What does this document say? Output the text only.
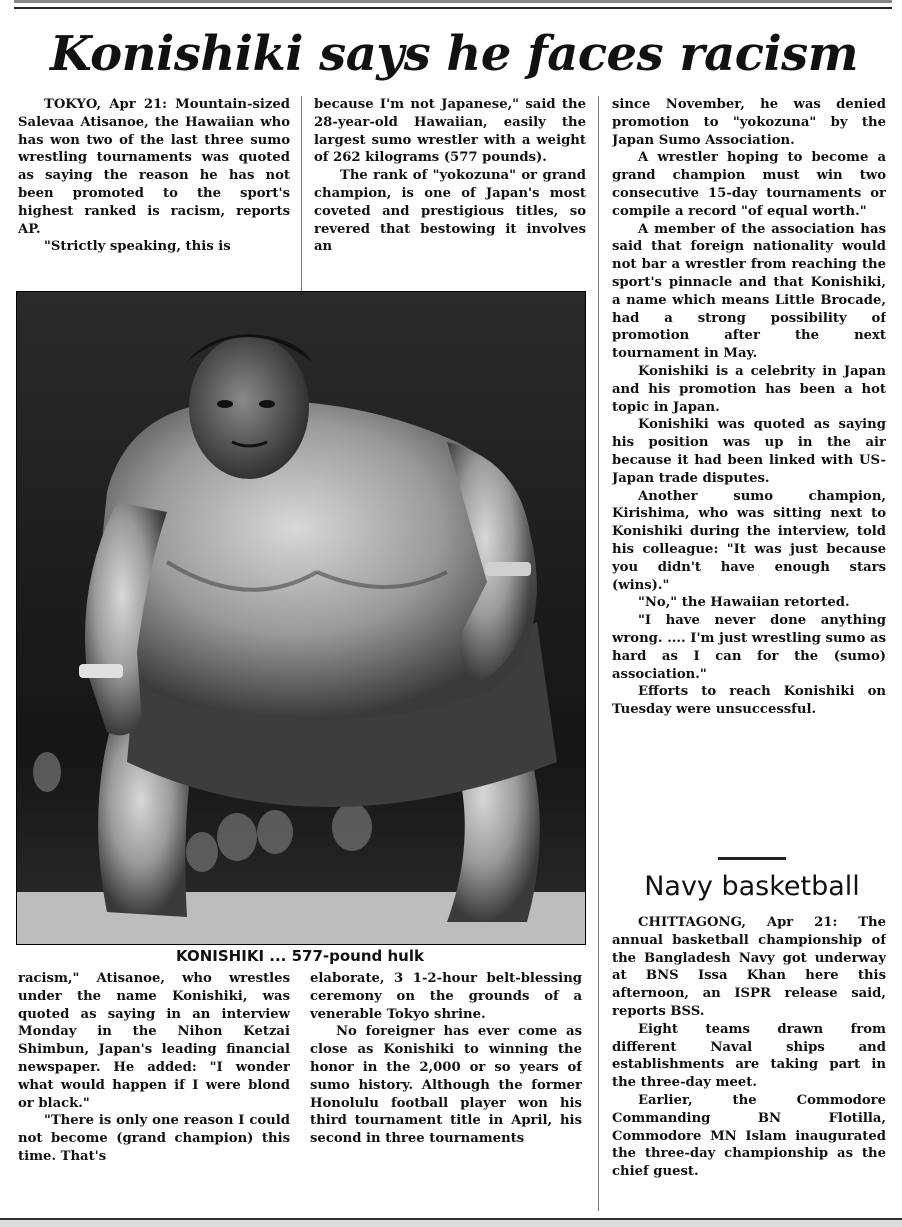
Konishiki says he faces racism

TOKYO, Apr 21: Mountain-sized Salevaa Atisanoe, the Hawaiian who has won two of the last three sumo wrestling tournaments was quoted as saying the reason he has not been promoted to the sport's highest ranked is racism, reports AP.

"Strictly speaking, this is

because I'm not Japanese," said the 28-year-old Hawaiian, easily the largest sumo wrestler with a weight of 262 kilograms (577 pounds).

The rank of "yokozuna" or grand champion, is one of Japan's most coveted and prestigious titles, so revered that bestowing it involves an

KONISHIKI ... 577-pound hulk

racism," Atisanoe, who wrestles under the name Konishiki, was quoted as saying in an interview Monday in the Nihon Ketzai Shimbun, Japan's leading financial newspaper. He added: "I wonder what would happen if I were blond or black."

"There is only one reason I could not become (grand champion) this time. That's

elaborate, 3 1-2-hour belt-blessing ceremony on the grounds of a venerable Tokyo shrine.

No foreigner has ever come as close as Konishiki to winning the honor in the 2,000 or so years of sumo history. Although the former Honolulu football player won his third tournament title in April, his second in three tournaments

since November, he was denied promotion to "yokozuna" by the Japan Sumo Association.

A wrestler hoping to become a grand champion must win two consecutive 15-day tournaments or compile a record "of equal worth."

A member of the association has said that foreign nationality would not bar a wrestler from reaching the sport's pinnacle and that Konishiki, a name which means Little Brocade, had a strong possibility of promotion after the next tournament in May.

Konishiki is a celebrity in Japan and his promotion has been a hot topic in Japan.

Konishiki was quoted as saying his position was up in the air because it had been linked with US-Japan trade disputes.

Another sumo champion, Kirishima, who was sitting next to Konishiki during the interview, told his colleague: "It was just because you didn't have enough stars (wins)."

"No," the Hawaiian retorted.

"I have never done anything wrong. .... I'm just wrestling sumo as hard as I can for the (sumo) association."

Efforts to reach Konishiki on Tuesday were unsuccessful.

Navy basketball

CHITTAGONG, Apr 21: The annual basketball championship of the Bangladesh Navy got underway at BNS Issa Khan here this afternoon, an ISPR release said, reports BSS.

Eight teams drawn from different Naval ships and establishments are taking part in the three-day meet.

Earlier, the Commodore Commanding BN Flotilla, Commodore MN Islam inaugurated the three-day championship as the chief guest.
